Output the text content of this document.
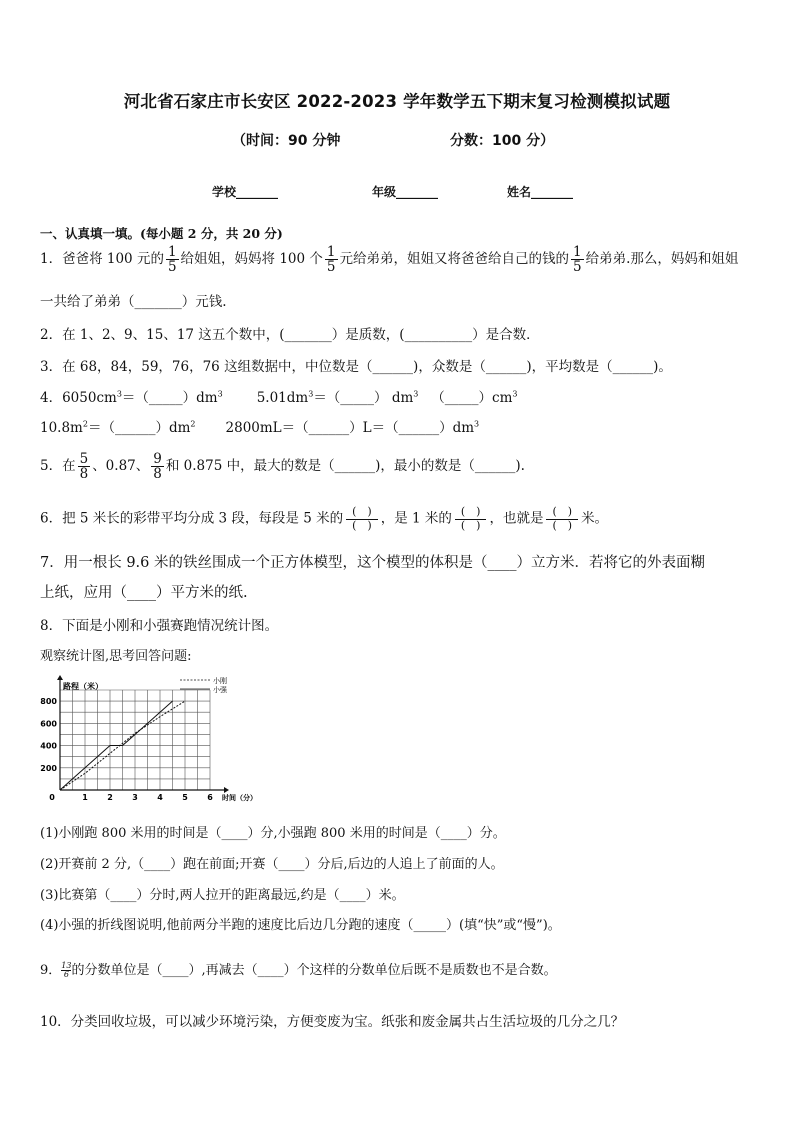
河北省石家庄市长安区 2022-2023 学年数学五下期末复习检测模拟试题
（时间：90 分钟	分数：100 分）
学校_______	年级_______	姓名_______
一、认真填一填。(每小题 2 分，共 20 分)
1．爸爸将 100 元的 $\frac{1}{5}$ 给姐姐，妈妈将 100 个 $\frac{1}{5}$ 元给弟弟，姐姐又将爸爸给自己的钱的 $\frac{1}{5}$ 给弟弟.那么，妈妈和姐姐
一共给了弟弟（_______）元钱.
2．在 1、2、9、15、17 这五个数中，(_______）是质数，(__________）是合数．
3．在 68，84，59，76，76 这组数据中，中位数是（______)，众数是（______)，平均数是（______)。
4．$6050cm^3=(\_\_\_\_\_)dm^3$	$5.01dm^3=(\_\_\_\_\_)$ $dm^3$ $(\_\_\_\_\_)cm^3$
$10.8m^2=(\_\_\_\_\_\_)dm^2$ $2800mL=(\_\_\_\_\_\_)L=(\_\_\_\_\_\_)dm^3$
5．在 $\frac{5}{8}$ 、0.87、 $\frac{9}{8}$ 和 0.875 中，最大的数是（______)，最小的数是（______).
6．把 5 米长的彩带平均分成 3 段，每段是 5 米的 (　)
(　) ，是 1 米的 (　)
(　) ，也就是 (　)
(　) 米。
7．用一根长 9.6 米的铁丝围成一个正方体模型，这个模型的体积是（____）立方米．若将它的外表面糊
上纸，应用（____）平方米的纸.
8．下面是小刚和小强赛跑情况统计图。
观察统计图,思考回答问题:
0	1 2 3 4 5 6
200
400
600
800
路程（米）
时间（分）
小刚
小强
(1)小刚跑 800 米用的时间是（____）分,小强跑 800 米用的时间是（____）分。
(2)开赛前 2 分,（____）跑在前面;开赛（____）分后,后边的人追上了前面的人。
(3)比赛第（____）分时,两人拉开的距离最远,约是（____）米。
(4)小强的折线图说明,他前两分半跑的速度比后边几分跑的速度（_____）(填“快”或“慢”)。
9． $\frac{13}{6}$ 的分数单位是（____）,再减去（____）个这样的分数单位后既不是质数也不是合数。
10．分类回收垃圾，可以减少环境污染，方便变废为宝。纸张和废金属共占生活垃圾的几分之几？
